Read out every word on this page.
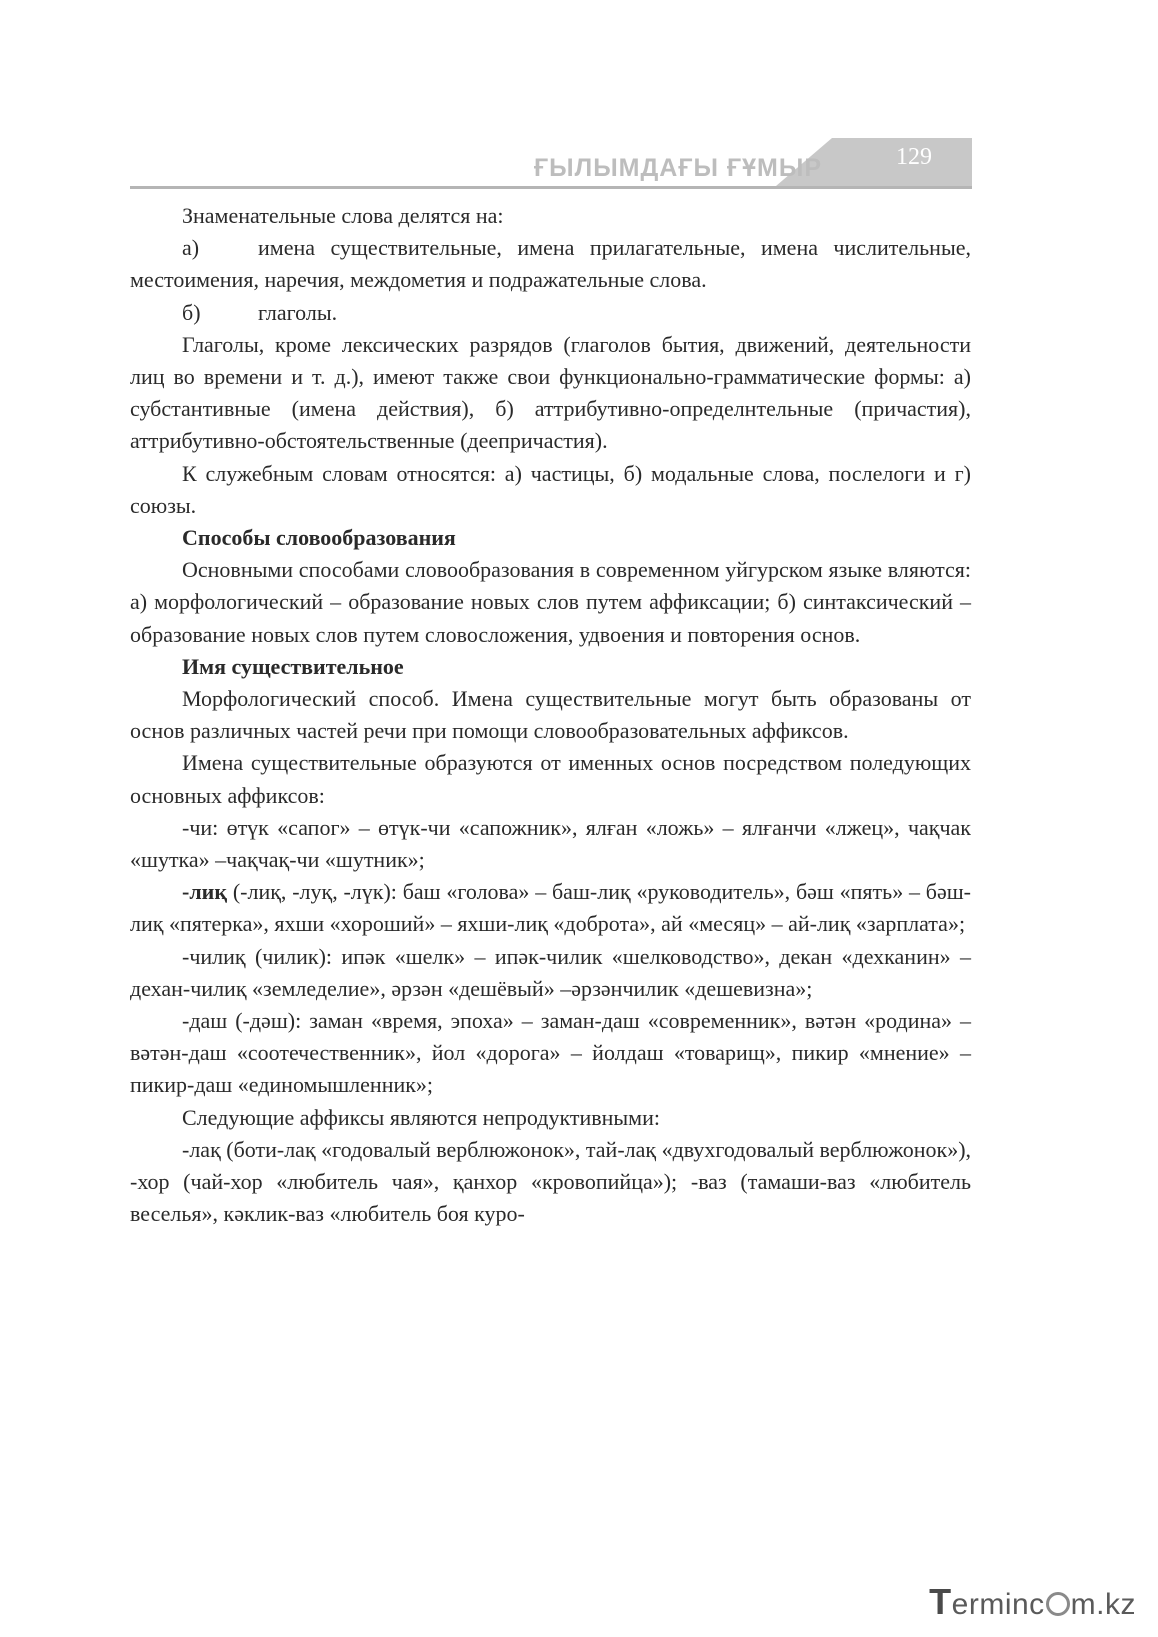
129
ҒЫЛЫМДАҒЫ ҒҰМЫР

Знаменательные слова делятся на:

а)	имена существительные, имена прилагательные, имена числительные, местоимения, наречия, междометия и подражательные слова.

б)	глаголы.

Глаголы, кроме лексических разрядов (глаголов бытия, движений, деятельности лиц во времени и т. д.), имеют также свои функционально-грамматические формы: а) субстантивные (имена действия), б) аттрибутивно-определнтельные (причастия), аттрибутивно-обстоятельственные (деепричастия).

К служебным словам относятся: а) частицы, б) модальные слова, послелоги и г) союзы.

Способы словообразования

Основными способами словообразования в современном уйгурском языке вляются: а) морфологический – образование новых слов путем аффиксации; б) синтаксический – образование новых слов путем словосложения, удвоения и повторения основ.

Имя существительное

Морфологический способ. Имена существительные могут быть образованы от основ различных частей речи при помощи словообразовательных аффиксов.

Имена существительные образуются от именных основ посредством поледующих основных аффиксов:

-чи: өтүк «сапог» – өтүк-чи «сапожник», ялған «ложь» – ялғанчи «лжец», чақчак «шутка» –чақчақ-чи «шутник»;

-лиқ (-лиқ, -луқ, -лүк): баш «голова» – баш-лиқ «руководитель», бәш «пять» – бәш-лиқ «пятерка», яхши «хороший» – яхши-лиқ «доброта», ай «месяц» – ай-лиқ «зарплата»;

-чилиқ (чилик): ипәк «шелк» – ипәк-чилик «шелководство», декан «дехканин» – дехан-чилиқ «земледелие», әрзән «дешёвый» –әрзәнчилик «дешевизна»;

-даш (-дәш): заман «время, эпоха» – заман-даш «современник», вәтән «родина» – вәтән-даш «соотечественник», йол «дорога» – йолдаш «товарищ», пикир «мнение» – пикир-даш «единомышленник»;

Следующие аффиксы являются непродуктивными:

-лақ (боти-лақ «годовалый верблюжонок», тай-лақ «двухгодовалый верблюжонок»), -хор (чай-хор «любитель чая», қанхор «кровопийца»); -ваз (тамаши-ваз «любитель веселья», кәклик-ваз «любитель боя куро-

Terminc m.kz
